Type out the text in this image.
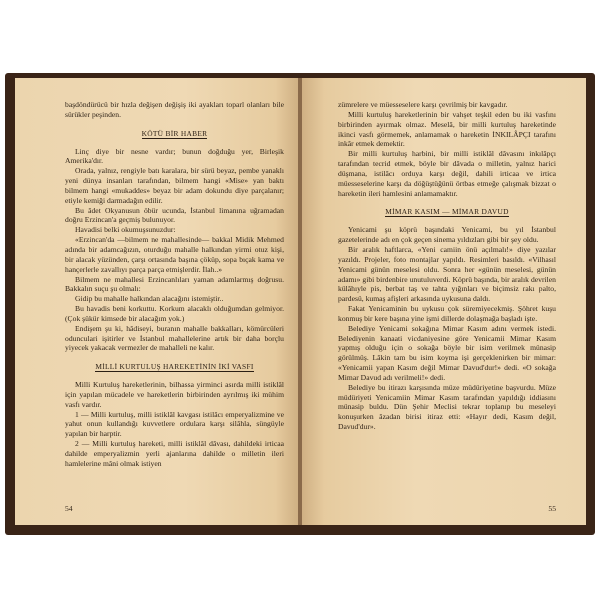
başdöndürücü bir hızla değişen değişiş iki ayakları toparl olanları bile sürükler peşinden.

KÖTÜ BİR HABER

Linç diye bir nesne vardır; bunun doğduğu yer, Birleşik Amerika'dır.

Orada, yalnız, rengiyle batı karalara, bir sürü beyaz, pembe yanaklı yeni dünya insanları tarafından, bilmem hangi «Mise» yan baktı bilmem hangi «mukaddes» beyaz bir adam dokundu diye parçalanır; etiyle kemiği darmadağın edilir.

Bu âdet Okyanusun öbür ucunda, İstanbul limanına uğramadan doğru Erzincan'a geçmiş bulunuyor.

Havadisi belki okumuşsunuzdur:

«Erzincan'da —bilmem ne mahallesinde— bakkal Midik Mehmed adında bir adamcağızın, oturduğu mahalle halkından yirmi otuz kişi, bir alacak yüzünden, çarşı ortasında başına çöküp, sopa bıçak kama ve hançerlerle zavallıyı parça parça etmişlerdir. İlah..»

Bilmem ne mahallesi Erzincanlıları yaman adamlarmış doğrusu. Bakkalın suçu şu olmalı:

Gidip bu mahalle halkından alacağını istemiştir..

Bu havadis beni korkuttu. Korkum alacaklı olduğumdan gelmiyor. (Çok şükür kimsede bir alacağım yok.)

Endişem şu ki, hâdiseyi, buranın mahalle bakkalları, kömürcüleri odunculari işitirler ve İstanbul mahallelerine artık bir daha borçlu yiyecek yakacak vermezler de mahalleli ne kalır.

MİLLİ KURTULUŞ HAREKETİNİN İKİ VASFI

Milli Kurtuluş hareketlerinin, bilhassa yirminci asırda milli istiklâl için yapılan mücadele ve hareketlerin birbirinden ayrılmış iki mühim vasfı vardır.

1 — Milli kurtuluş, milli istiklâl kavgası istilâcı emperyalizmine ve yahut onun kullandığı kuvvetlere ordulara karşı silâhla, süngüyle yapılan bir harptir.

2 — Milli kurtuluş hareketi, milli istiklâl dâvası, dahildeki irticaa dahilde emperyalizmin yerli ajanlarına dahilde o milletin ileri hamlelerine mâni olmak istiyen

54

zümrelere ve müesseselere karşı çevrilmiş bir kavgadır.

Milli kurtuluş hareketlerinin bir vahşet teşkil eden bu iki vasfını birbirinden ayırmak olmaz. Meselâ, bir milli kurtuluş hareketinde ikinci vasfı görmemek, anlamamak o hareketin İNKILÂPÇI tarafını inkâr etmek demektir.

Bir milli kurtuluş harbini, bir milli istiklâl dâvasını inkılâpçı tarafından tecrid etmek, böyle bir dâvada o milletin, yalnız harici düşmana, istilâcı orduya karşı değil, dahili irticaa ve irtica müesseselerine karşı da döğüştüğünü örtbas etmeğe çalışmak bizzat o hareketin ileri hamlesini anlamamaktır.

MİMAR KASIM — MİMAR DAVUD

Yenicami şu köprü başındaki Yenicami, bu yıl İstanbul gazetelerinde adı en çok geçen sinema yıldızları gibi bir şey oldu.

Bir aralık haftlarca, «Yeni camiin önü açılmalı!» diye yazılar yazıldı. Projeler, foto montajlar yapıldı. Resimleri basıldı. «Vilhasıl Yenicami günün meselesi oldu. Sonra her «günün meselesi, günün adamı» gibi birdenbire unutuluverdi. Köprü başında, bir aralık devrilen külâhıyle pis, berbat taş ve tahta yığınları ve biçimsiz rakı palto, pardesü, kumaş afişleri arkasında uykusuna daldı.

Fakat Yenicaminin bu uykusu çok süremiyecekmiş. Şöhret kuşu konmuş bir kere başına yine işmi dillerde dolaşmağa başladı işte.

Belediye Yenicami sokağına Mimar Kasım adını vermek istedi. Belediyenin kanaati vicdaniyesine göre Yenicamii Mimar Kasım yapmış olduğu için o sokağa böyle bir isim verilmek münasip görülmüş. Lâkin tam bu isim koyma işi gerçeklenirken bir mimar: «Yenicamii yapan Kasım değil Mimar Davud'dur!» dedi. «O sokağa Mimar Davud adı verilmeli!» dedi.

Belediye bu itirazı karşısında müze müdüriyetine başvurdu. Müze müdüriyeti Yenicamiin Mimar Kasım tarafından yapıldığı iddiasını münasip buldu. Dün Şehir Meclisi tekrar toplanıp bu meseleyi konuşurken âzadan birisi itiraz etti: «Hayır dedi, Kasım değil, Davud'dur».

55
